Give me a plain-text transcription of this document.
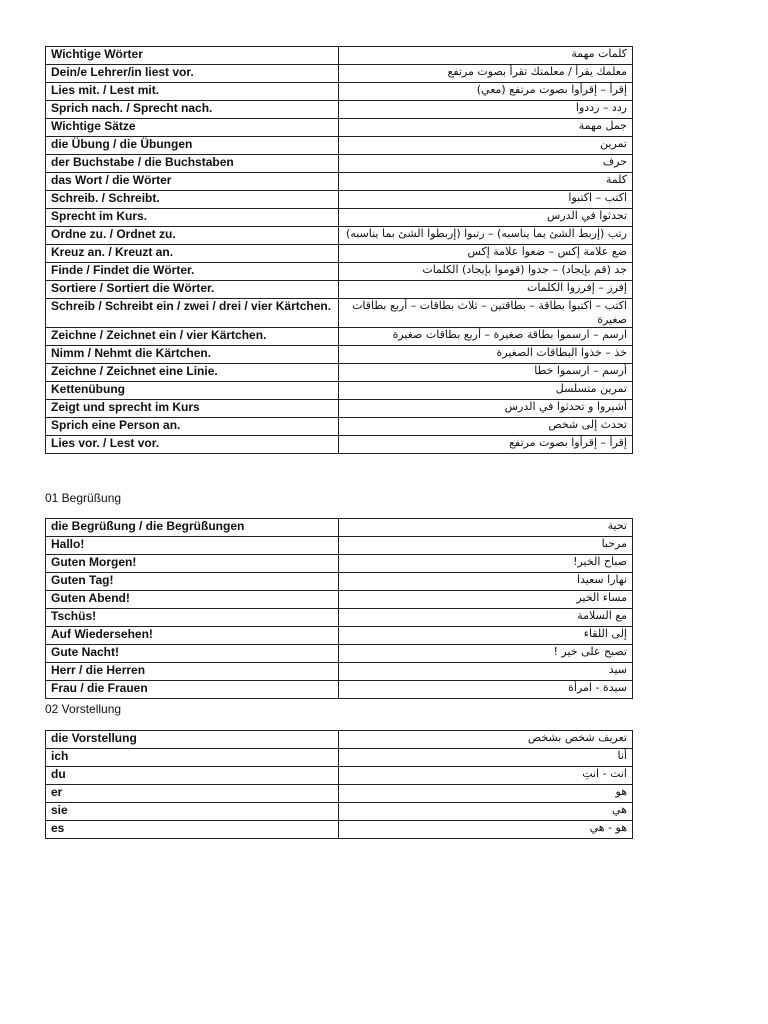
Wichtige Wörter	كلمات مهمة
Dein/e Lehrer/in liest vor.	معلمك يقرأ / معلمتك تقرأ بصوت مرتفع
Lies mit. / Lest mit.	إقرأ – إقرأوا بصوت مرتفع (معي)
Sprich nach. / Sprecht nach.	ردد – رددوا
Wichtige Sätze	جمل مهمة
die Übung / die Übungen	تمرين
der Buchstabe / die Buchstaben	حرف
das Wort / die Wörter	كلمة
Schreib. / Schreibt.	اكتب – اكتبوا
Sprecht im Kurs.	تحدثوا في الدرس
Ordne zu. / Ordnet zu.	رتب (إربط الشئ بما يناسبه) – رتبوا (إربطوا الشئ بما يناسبه)
Kreuz an. / Kreuzt an.	ضع علامة إكس – ضعوا علامة إكس
Finde / Findet die Wörter.	جد (قم بإيجاد) – جدوا (قوموا بإيجاد) الكلمات
Sortiere / Sortiert die Wörter.	إفرز – إفرزوا الكلمات
Schreib / Schreibt ein / zwei / drei / vier Kärtchen.	اكتب – اكتبوا بطاقة – بطاقتين – ثلاث بطاقات – أربع بطاقات صغيرة
Zeichne / Zeichnet ein / vier Kärtchen.	ارسم – ارسموا بطاقة صغيرة – أربع بطاقات صغيرة
Nimm / Nehmt die Kärtchen.	خذ – خذوا البطاقات الصغيرة
Zeichne / Zeichnet eine Linie.	أرسم – ارسموا خطا
Kettenübung	تمرين متسلسل
Zeigt und sprecht im Kurs	أشيروا و تحدثوا في الدرس
Sprich eine Person an.	تحدث إلى شخص
Lies vor. / Lest vor.	إقرأ – إقرأوا بصوت مرتفع
01 Begrüßung
die Begrüßung / die Begrüßungen	تحية
Hallo!	مرحبا
Guten Morgen!	صباح الخير!
Guten Tag!	نهارا سعيدا
Guten Abend!	مساء الخير
Tschüs!	مع السلامة
Auf Wiedersehen!	إلى اللقاء
Gute Nacht!	تصبح على خير !
Herr / die Herren	سيد
Frau / die Frauen	سيدة - امرأة
02 Vorstellung
die Vorstellung	تعريف شخص بشخص
ich	أنا
du	انت - انتِ
er	هو
sie	هي
es	هو - هي
